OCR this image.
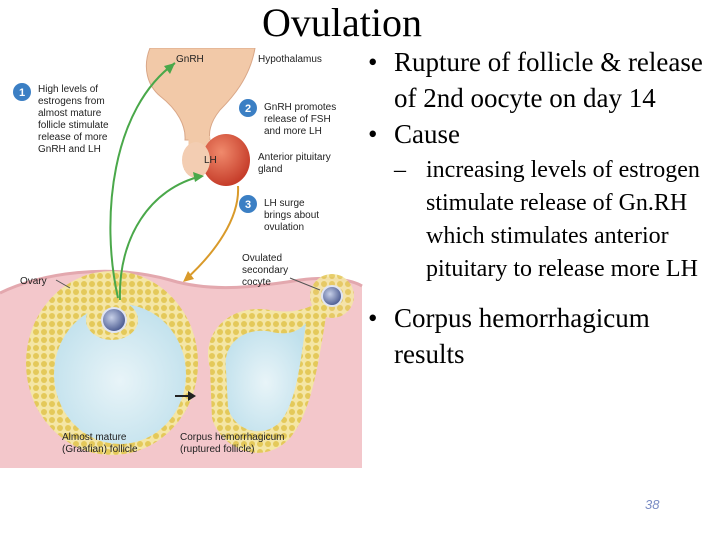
Ovulation
GnRH	Hypothalamus
LH	Anterior pituitary gland
Ovary
Ovulated secondary cocyte
Almost mature (Graafian) follicle
Corpus hemorrhagicum (ruptured follicle)
1 High levels of estrogens from almost mature follicle stimulate release of more GnRH and LH
2 GnRH promotes release of FSH and more LH
3 LH surge brings about ovulation
• Rupture of follicle & release of 2nd oocyte on day 14
• Cause
– increasing levels of estrogen stimulate release of Gn.RH which stimulates anterior pituitary to release more LH
• Corpus hemorrhagicum results
38
